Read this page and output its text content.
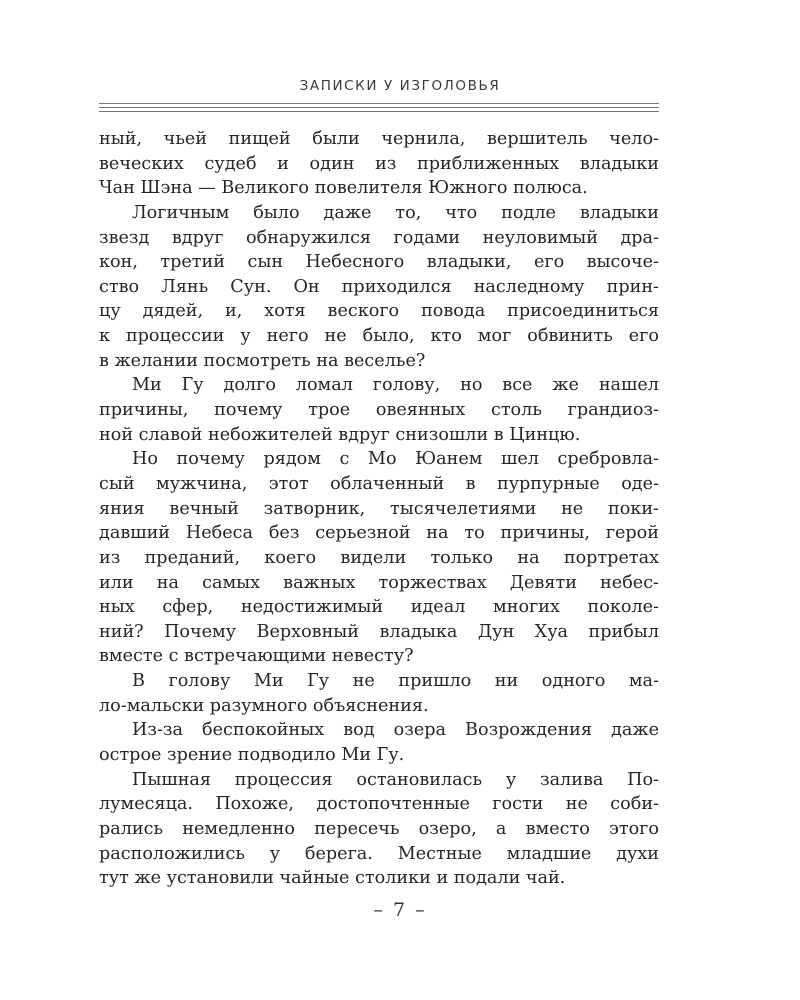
ЗАПИСКИ У ИЗГОЛОВЬЯ
ный, чьей пищей были чернила, вершитель чело-
веческих судеб и один из приближенных владыки
Чан Шэна — Великого повелителя Южного полюса.
Логичным было даже то, что подле владыки
звезд вдруг обнаружился годами неуловимый дра-
кон, третий сын Небесного владыки, его высоче-
ство Лянь Сун. Он приходился наследному прин-
цу дядей, и, хотя веского повода присоединиться
к процессии у него не было, кто мог обвинить его
в желании посмотреть на веселье?
Ми Гу долго ломал голову, но все же нашел
причины, почему трое овеянных столь грандиоз-
ной славой небожителей вдруг снизошли в Цинцю.
Но почему рядом с Мо Юанем шел сребровла-
сый мужчина, этот облаченный в пурпурные оде-
яния вечный затворник, тысячелетиями не поки-
давший Небеса без серьезной на то причины, герой
из преданий, коего видели только на портретах
или на самых важных торжествах Девяти небес-
ных сфер, недостижимый идеал многих поколе-
ний? Почему Верховный владыка Дун Хуа прибыл
вместе с встречающими невесту?
В голову Ми Гу не пришло ни одного ма-
ло-мальски разумного объяснения.
Из-за беспокойных вод озера Возрождения даже
острое зрение подводило Ми Гу.
Пышная процессия остановилась у залива По-
лумесяца. Похоже, достопочтенные гости не соби-
рались немедленно пересечь озеро, а вместо этого
расположились у берега. Местные младшие духи
тут же установили чайные столики и подали чай.
– 7 –
